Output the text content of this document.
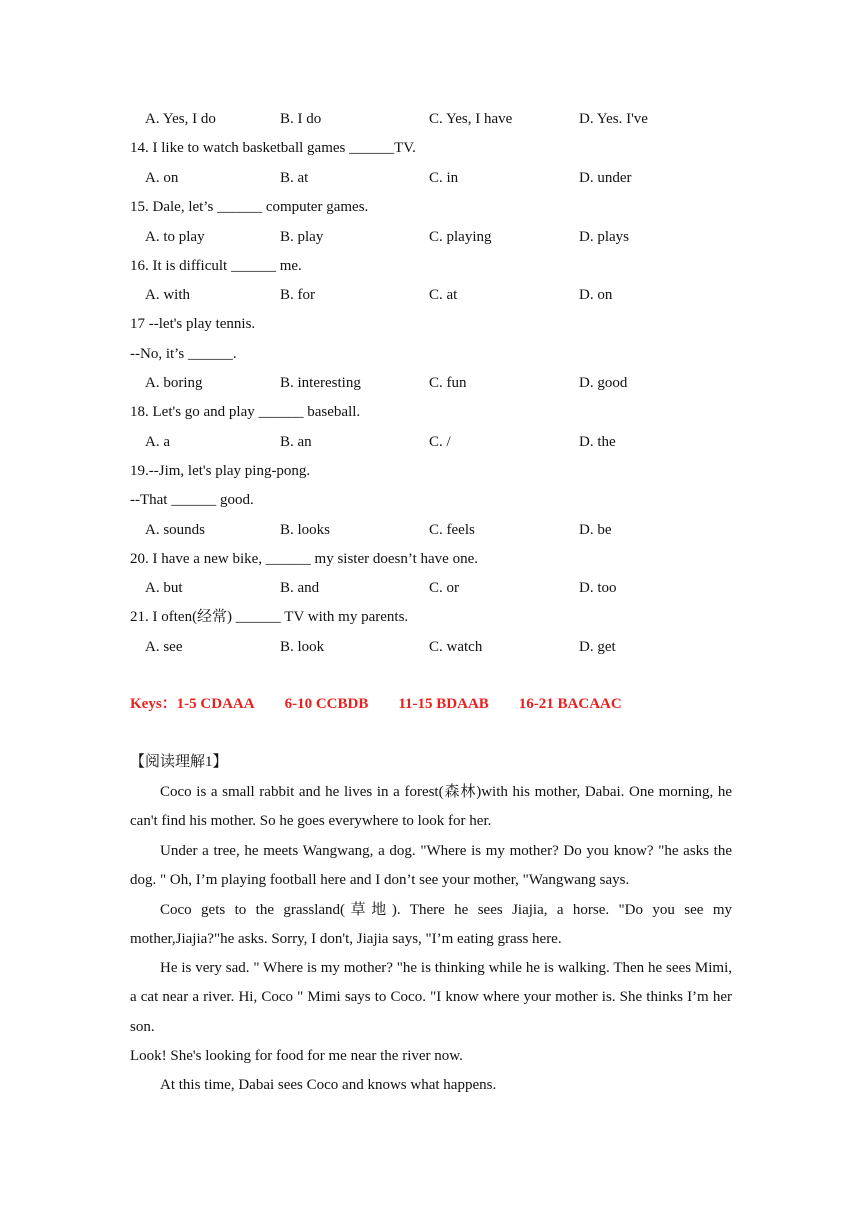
A. Yes, I do	B. I do	C. Yes, I have	D. Yes. I've
14. I like to watch basketball games ______TV.
A. on	B. at	C. in	D. under
15. Dale, let’s ______ computer games.
A. to play	B. play	C. playing	D. plays
16. It is difficult ______ me.
A. with	B. for	C. at	D. on
17 --let's play tennis.
--No, it’s ______.
A. boring	B. interesting	C. fun	D. good
18. Let's go and play ______ baseball.
A. a	B. an	C. /	D. the
19.--Jim, let's play ping-pong.
--That ______ good.
A. sounds	B. looks	C. feels	D. be
20. I have a new bike, ______ my sister doesn’t have one.
A. but	B. and	C. or	D. too
21. I often(经常) ______ TV with my parents.
A. see	B. look	C. watch	D. get
Keys：1-5 CDAAA 6-10 CCBDB 11-15 BDAAB 16-21 BACAAC
【阅读理解1】
Coco is a small rabbit and he lives in a forest(森林)with his mother, Dabai. One morning, he can't find his mother. So he goes everywhere to look for her.
Under a tree, he meets Wangwang, a dog. "Where is my mother? Do you know? "he asks the dog. " Oh, I’m playing football here and I don’t see your mother, "Wangwang says.
Coco gets to the grassland(草地). There he sees Jiajia, a horse. "Do you see my mother,Jiajia?"he asks. Sorry, I don't, Jiajia says, "I’m eating grass here.
He is very sad. " Where is my mother? "he is thinking while he is walking. Then he sees Mimi, a cat near a river. Hi, Coco " Mimi says to Coco. "I know where your mother is. She thinks I’m her son.
Look! She's looking for food for me near the river now.
At this time, Dabai sees Coco and knows what happens.
